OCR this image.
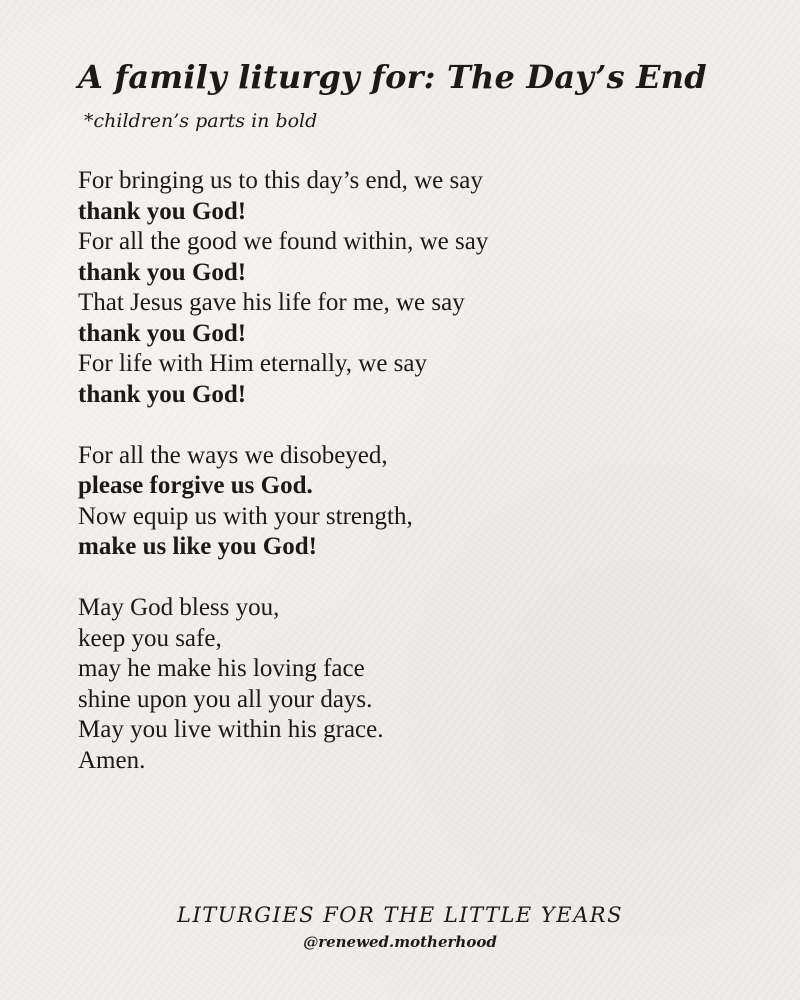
A family liturgy for: The Day’s End
*children’s parts in bold
For bringing us to this day’s end, we say
thank you God!
For all the good we found within, we say
thank you God!
That Jesus gave his life for me, we say
thank you God!
For life with Him eternally, we say
thank you God!
For all the ways we disobeyed,
please forgive us God.
Now equip us with your strength,
make us like you God!
May God bless you,
keep you safe,
may he make his loving face
shine upon you all your days.
May you live within his grace.
Amen.
LITURGIES FOR THE LITTLE YEARS
@renewed.motherhood
